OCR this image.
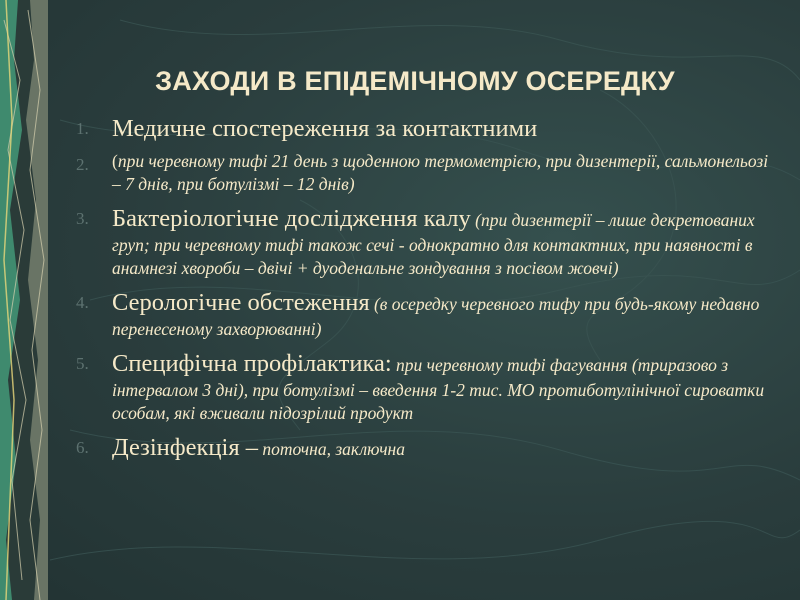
ЗАХОДИ В ЕПІДЕМІЧНОМУ ОСЕРЕДКУ
1. Медичне спостереження за контактними
2.	(при черевному тифі 21 день з щоденною термометрією, при дизентерії, сальмонельозі – 7 днів, при ботулізмі – 12 днів)
3. Бактеріологічне дослідження калу (при дизентерії – лише декретованих груп; при черевному тифі також сечі - однократно для контактних, при наявності в анамнезі хвороби – двічі + дуоденальне зондування з посівом жовчі)
4. Серологічне обстеження (в осередку черевного тифу при будь-якому недавно перенесеному захворюванні)
5. Специфічна профілактика: при черевному тифі фагування (триразово з інтервалом 3 дні), при ботулізмі – введення 1-2 тис. МО протиботулінічної сироватки особам, які вживали підозрілий продукт
6. Дезінфекція – поточна, заключна
